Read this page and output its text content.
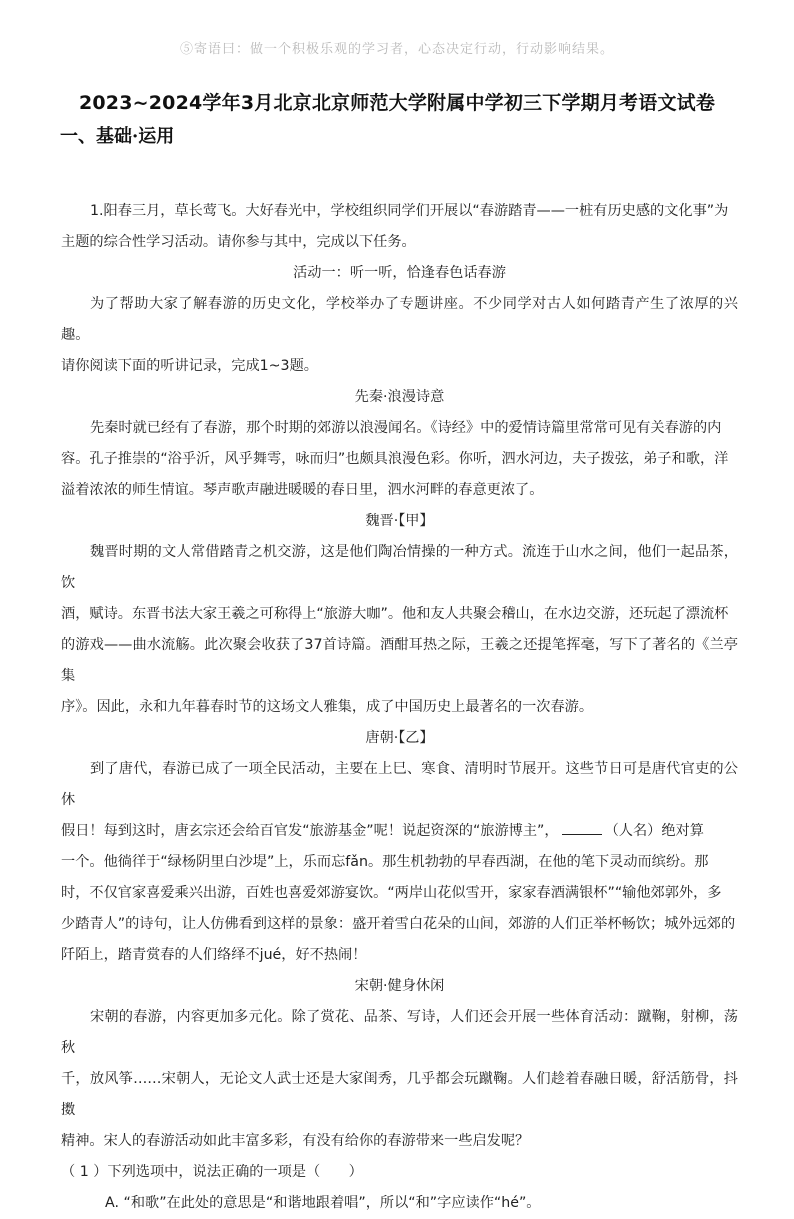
⑤寄语曰：做一个积极乐观的学习者，心态决定行动，行动影响结果。
2023~2024学年3月北京北京师范大学附属中学初三下学期月考语文试卷
一、基础·运用

1.阳春三月，草长莺飞。大好春光中，学校组织同学们开展以“春游踏青——一桩有历史感的文化事”为

主题的综合性学习活动。请你参与其中，完成以下任务。

活动一：听一听，恰逢春色话春游

为了帮助大家了解春游的历史文化，学校举办了专题讲座。不少同学对古人如何踏青产生了浓厚的兴趣。

请你阅读下面的听讲记录，完成1~3题。

先秦·浪漫诗意

先秦时就已经有了春游，那个时期的郊游以浪漫闻名。《诗经》中的爱情诗篇里常常可见有关春游的内

容。孔子推崇的“浴乎沂，风乎舞雩，咏而归”也颇具浪漫色彩。你听，泗水河边，夫子拨弦，弟子和歌，洋

溢着浓浓的师生情谊。琴声歌声融进暖暖的春日里，泗水河畔的春意更浓了。

魏晋·【甲】

魏晋时期的文人常借踏青之机交游，这是他们陶冶情操的一种方式。流连于山水之间，他们一起品茶，饮

酒，赋诗。东晋书法大家王羲之可称得上“旅游大咖”。他和友人共聚会稽山，在水边交游，还玩起了漂流杯

的游戏——曲水流觞。此次聚会收获了37首诗篇。酒酣耳热之际，王羲之还提笔挥毫，写下了著名的《兰亭集

序》。因此，永和九年暮春时节的这场文人雅集，成了中国历史上最著名的一次春游。

唐朝·【乙】

到了唐代，春游已成了一项全民活动，主要在上巳、寒食、清明时节展开。这些节日可是唐代官吏的公休

假日！每到这时，唐玄宗还会给百官发“旅游基金”呢！说起资深的“旅游博主”，	（人名）绝对算

一个。他徜徉于“绿杨阴里白沙堤”上，乐而忘fǎn。那生机勃勃的早春西湖，在他的笔下灵动而缤纷。那

时，不仅官家喜爱乘兴出游，百姓也喜爱郊游宴饮。“两岸山花似雪开，家家春酒满银杯”“输他郊郭外，多

少踏青人”的诗句，让人仿佛看到这样的景象：盛开着雪白花朵的山间，郊游的人们正举杯畅饮；城外远郊的

阡陌上，踏青赏春的人们络绎不jué，好不热闹！

宋朝·健身休闲

宋朝的春游，内容更加多元化。除了赏花、品茶、写诗，人们还会开展一些体育活动：蹴鞠，射柳，荡秋

千，放风筝……宋朝人，无论文人武士还是大家闺秀，几乎都会玩蹴鞠。人们趁着春融日暖，舒活筋骨，抖擞

精神。宋人的春游活动如此丰富多彩，有没有给你的春游带来一些启发呢？

（ 1 ）下列选项中，说法正确的一项是（　　）

A. “和歌”在此处的意思是“和谐地跟着唱”，所以“和”字应读作“hé”。
